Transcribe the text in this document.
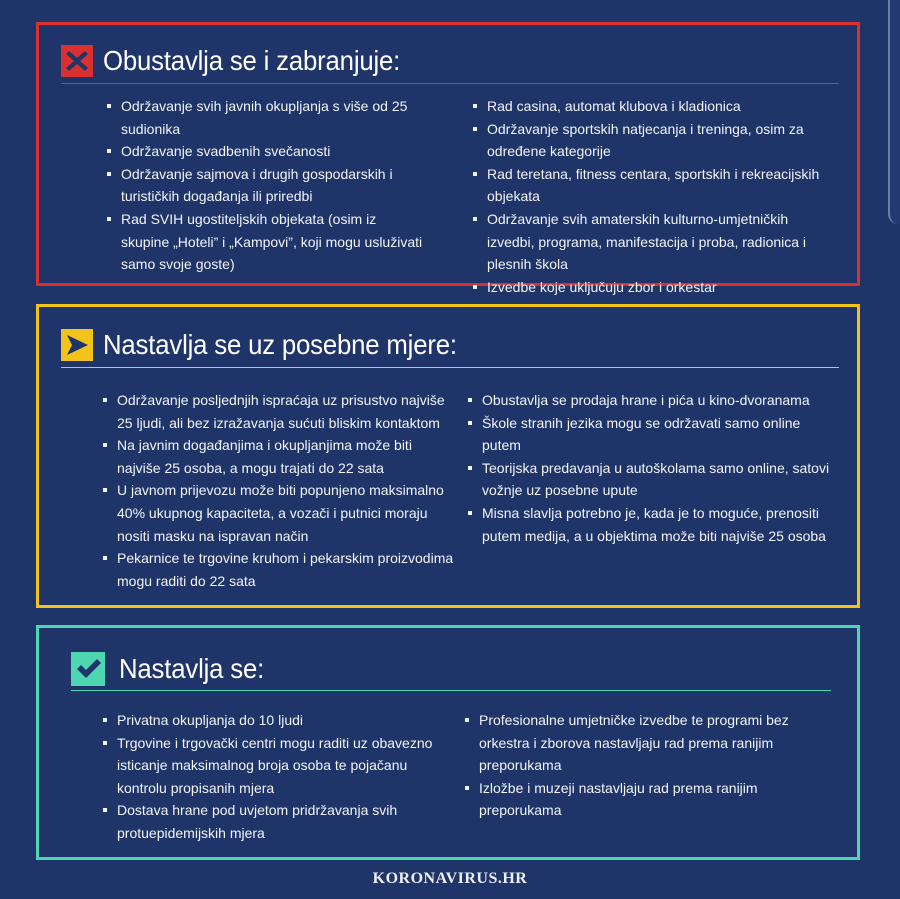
Obustavlja se i zabranjuje:
Održavanje svih javnih okupljanja s više od 25 sudionika
Održavanje svadbenih svečanosti
Održavanje sajmova i drugih gospodarskih i turističkih događanja ili priredbi
Rad SVIH ugostiteljskih objekata (osim iz skupine „Hoteli” i „Kampovi”, koji mogu usluživati samo svoje goste)
Rad casina, automat klubova i kladionica
Održavanje sportskih natjecanja i treninga, osim za određene kategorije
Rad teretana, fitness centara, sportskih i rekreacijskih objekata
Održavanje svih amaterskih kulturno-umjetničkih izvedbi, programa, manifestacija i proba, radionica i plesnih škola
Izvedbe koje uključuju zbor i orkestar
Nastavlja se uz posebne mjere:
Održavanje posljednjih ispraćaja uz prisustvo najviše 25 ljudi, ali bez izražavanja sućuti bliskim kontaktom
Na javnim događanjima i okupljanjima može biti najviše 25 osoba, a mogu trajati do 22 sata
U javnom prijevozu može biti popunjeno maksimalno 40% ukupnog kapaciteta, a vozači i putnici moraju nositi masku na ispravan način
Pekarnice te trgovine kruhom i pekarskim proizvodima mogu raditi do 22 sata
Obustavlja se prodaja hrane i pića u kino-dvoranama
Škole stranih jezika mogu se održavati samo online putem
Teorijska predavanja u autoškolama samo online, satovi vožnje uz posebne upute
Misna slavlja potrebno je, kada je to moguće, prenositi putem medija, a u objektima može biti najviše 25 osoba
Nastavlja se:
Privatna okupljanja do 10 ljudi
Trgovine i trgovački centri mogu raditi uz obavezno isticanje maksimalnog broja osoba te pojačanu kontrolu propisanih mjera
Dostava hrane pod uvjetom pridržavanja svih protuepidemijskih mjera
Profesionalne umjetničke izvedbe te programi bez orkestra i zborova nastavljaju rad prema ranijim preporukama
Izložbe i muzeji nastavljaju rad prema ranijim preporukama
KORONAVIRUS.HR
